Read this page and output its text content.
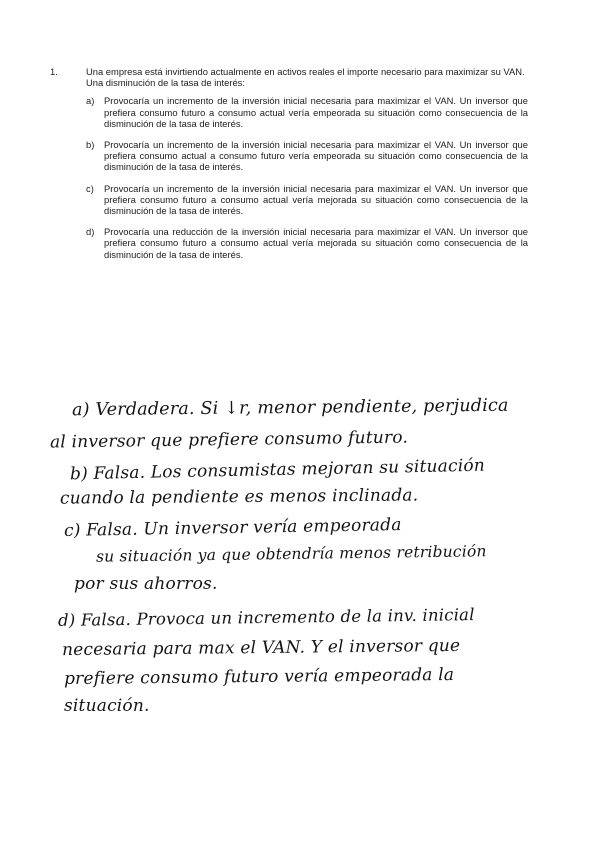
1.	Una empresa está invirtiendo actualmente en activos reales el importe necesario para maximizar su VAN. Una disminución de la tasa de interés:
a)	Provocaría un incremento de la inversión inicial necesaria para maximizar el VAN. Un inversor que prefiera consumo futuro a consumo actual vería empeorada su situación como consecuencia de la disminución de la tasa de interés.
b)	Provocaría un incremento de la inversión inicial necesaria para maximizar el VAN. Un inversor que prefiera consumo actual a consumo futuro vería empeorada su situación como consecuencia de la disminución de la tasa de interés.
c)	Provocaría un incremento de la inversión inicial necesaria para maximizar el VAN. Un inversor que prefiera consumo futuro a consumo actual vería mejorada su situación como consecuencia de la disminución de la tasa de interés.
d)	Provocaría una reducción de la inversión inicial necesaria para maximizar el VAN. Un inversor que prefiera consumo futuro a consumo actual vería mejorada su situación como consecuencia de la disminución de la tasa de interés.
a) Verdadera. Si ↓r, menor pendiente, perjudica
al inversor que prefiere consumo futuro.
b) Falsa. Los consumistas mejoran su situación
cuando la pendiente es menos inclinada.
c) Falsa. Un inversor vería empeorada
su situación ya que obtendría menos retribución
por sus ahorros.
d) Falsa. Provoca un incremento de la inv. inicial
necesaria para max el VAN. Y el inversor que
prefiere consumo futuro vería empeorada la
situación.
